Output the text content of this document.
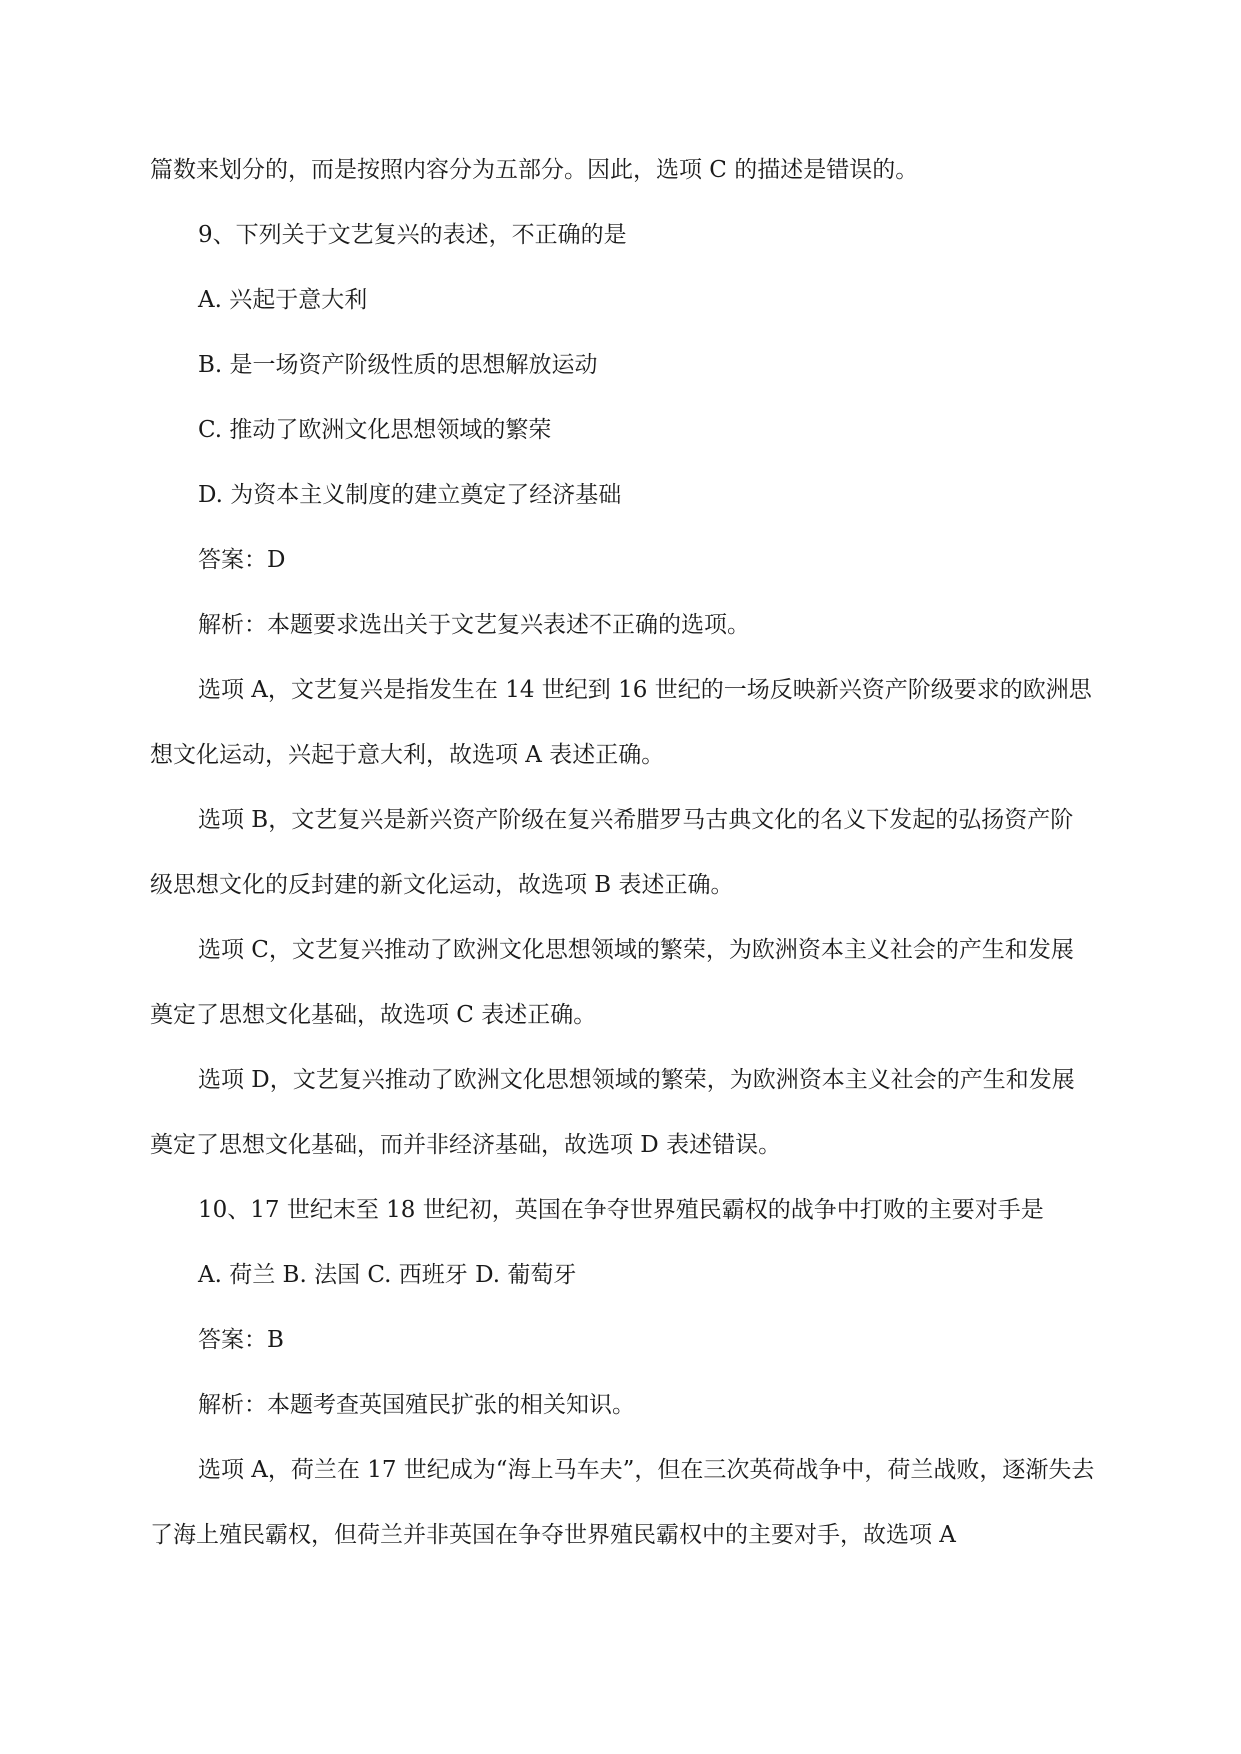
篇数来划分的，而是按照内容分为五部分。因此，选项 C 的描述是错误的。

9、下列关于文艺复兴的表述，不正确的是

A. 兴起于意大利

B. 是一场资产阶级性质的思想解放运动

C. 推动了欧洲文化思想领域的繁荣

D. 为资本主义制度的建立奠定了经济基础

答案：D

解析：本题要求选出关于文艺复兴表述不正确的选项。

选项 A，文艺复兴是指发生在 14 世纪到 16 世纪的一场反映新兴资产阶级要求的欧洲思想文化运动，兴起于意大利，故选项 A 表述正确。

选项 B，文艺复兴是新兴资产阶级在复兴希腊罗马古典文化的名义下发起的弘扬资产阶级思想文化的反封建的新文化运动，故选项 B 表述正确。

选项 C，文艺复兴推动了欧洲文化思想领域的繁荣，为欧洲资本主义社会的产生和发展奠定了思想文化基础，故选项 C 表述正确。

选项 D，文艺复兴推动了欧洲文化思想领域的繁荣，为欧洲资本主义社会的产生和发展奠定了思想文化基础，而并非经济基础，故选项 D 表述错误。

10、17 世纪末至 18 世纪初，英国在争夺世界殖民霸权的战争中打败的主要对手是

A. 荷兰 B. 法国 C. 西班牙 D. 葡萄牙

答案：B

解析：本题考查英国殖民扩张的相关知识。

选项 A，荷兰在 17 世纪成为“海上马车夫”，但在三次英荷战争中，荷兰战败，逐渐失去了海上殖民霸权，但荷兰并非英国在争夺世界殖民霸权中的主要对手，故选项 A
